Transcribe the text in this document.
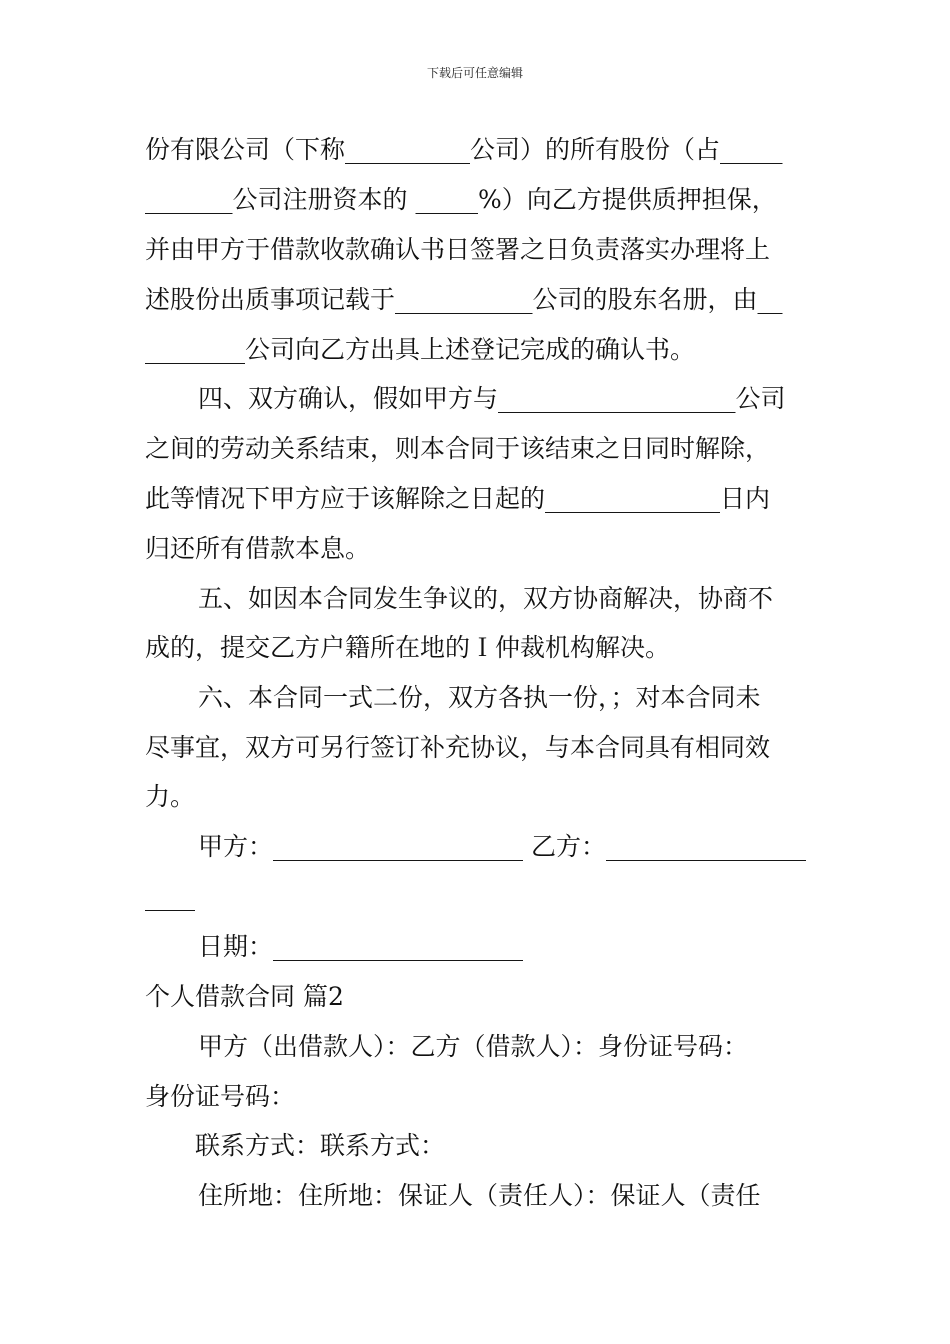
下载后可任意编辑
份有限公司（下称__________公司）的所有股份（占_____
_______公司注册资本的 _____%）向乙方提供质押担保，
并由甲方于借款收款确认书日签署之日负责落实办理将上
述股份出质事项记载于___________公司的股东名册，由__
________公司向乙方出具上述登记完成的确认书。
四、双方确认，假如甲方与___________________公司
之间的劳动关系结束，则本合同于该结束之日同时解除，
此等情况下甲方应于该解除之日起的______________日内
归还所有借款本息。
五、如因本合同发生争议的，双方协商解决，协商不
成的，提交乙方户籍所在地的Ｉ仲裁机构解决。
六、本合同一式二份，双方各执一份，；对本合同未
尽事宜，双方可另行签订补充协议，与本合同具有相同效
力。
甲方：____________________ 乙方：________________
____
日期：____________________
个人借款合同 篇2
甲方（出借款人）：乙方（借款人）：身份证号码：
身份证号码：
联系方式：联系方式：
住所地：住所地：保证人（责任人）：保证人（责任
